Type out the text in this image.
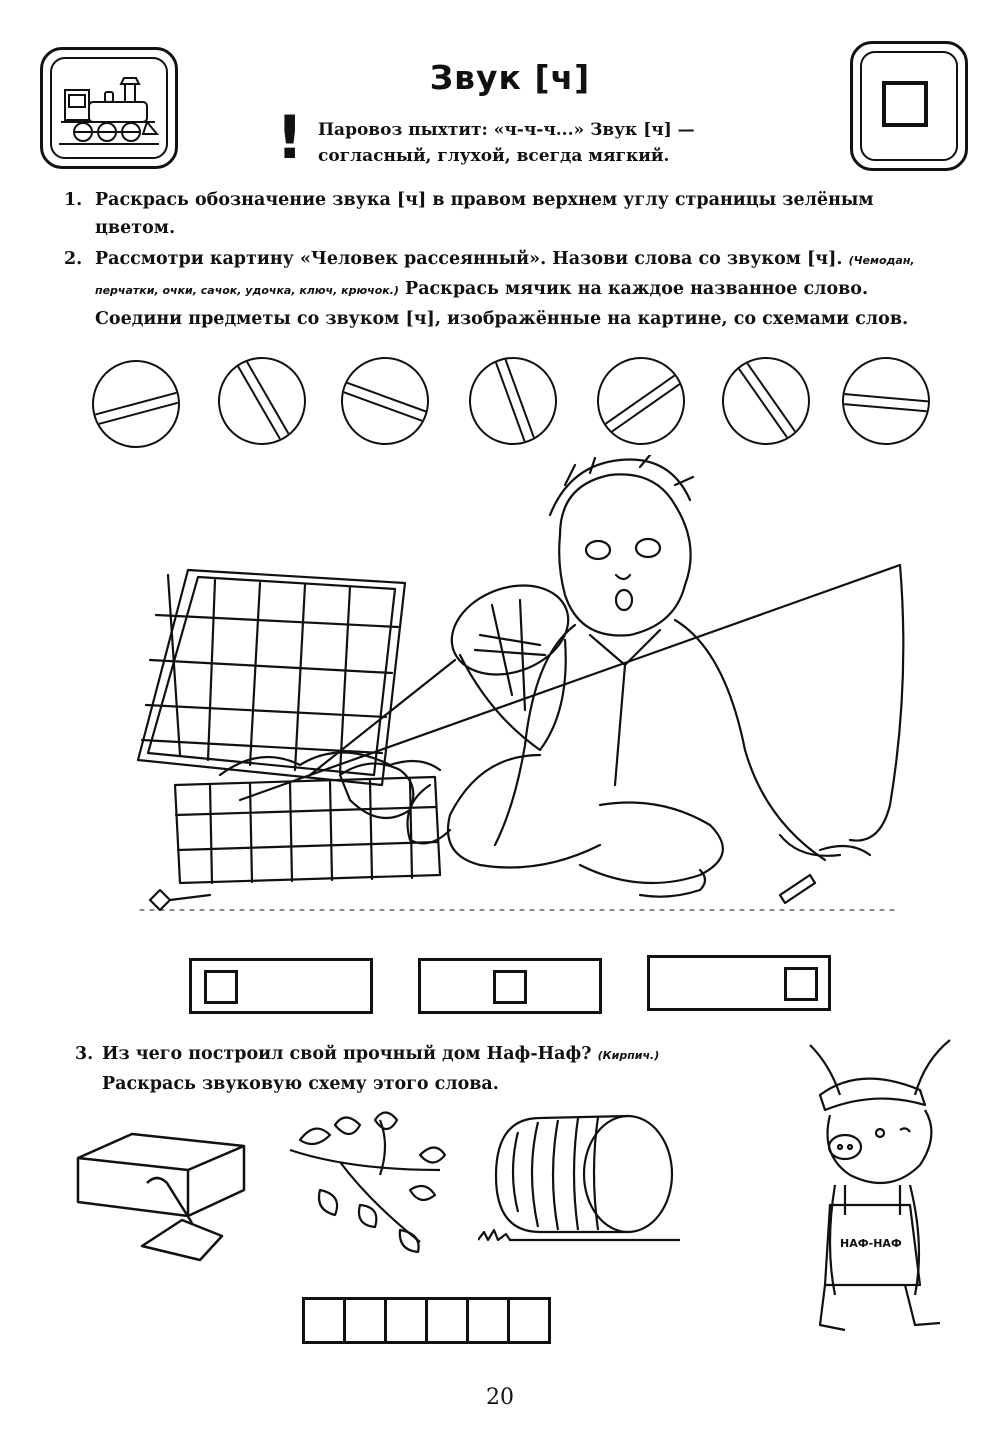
Звук [ч]
! Паровоз пыхтит: «ч-ч-ч...» Звук [ч] —
согласный, глухой, всегда мягкий.
1. Раскрась обозначение звука [ч] в правом верхнем углу страницы зелёным
цветом.
2. Рассмотри картину «Человек рассеянный». Назови слова со звуком [ч]. (Чемодан,
перчатки, очки, сачок, удочка, ключ, крючок.) Раскрась мячик на каждое названное слово.
Соедини предметы со звуком [ч], изображённые на картине, со схемами слов.
3. Из чего построил свой прочный дом Наф-Наф? (Кирпич.)
Раскрась звуковую схему этого слова.
НАФ-НАФ
20
